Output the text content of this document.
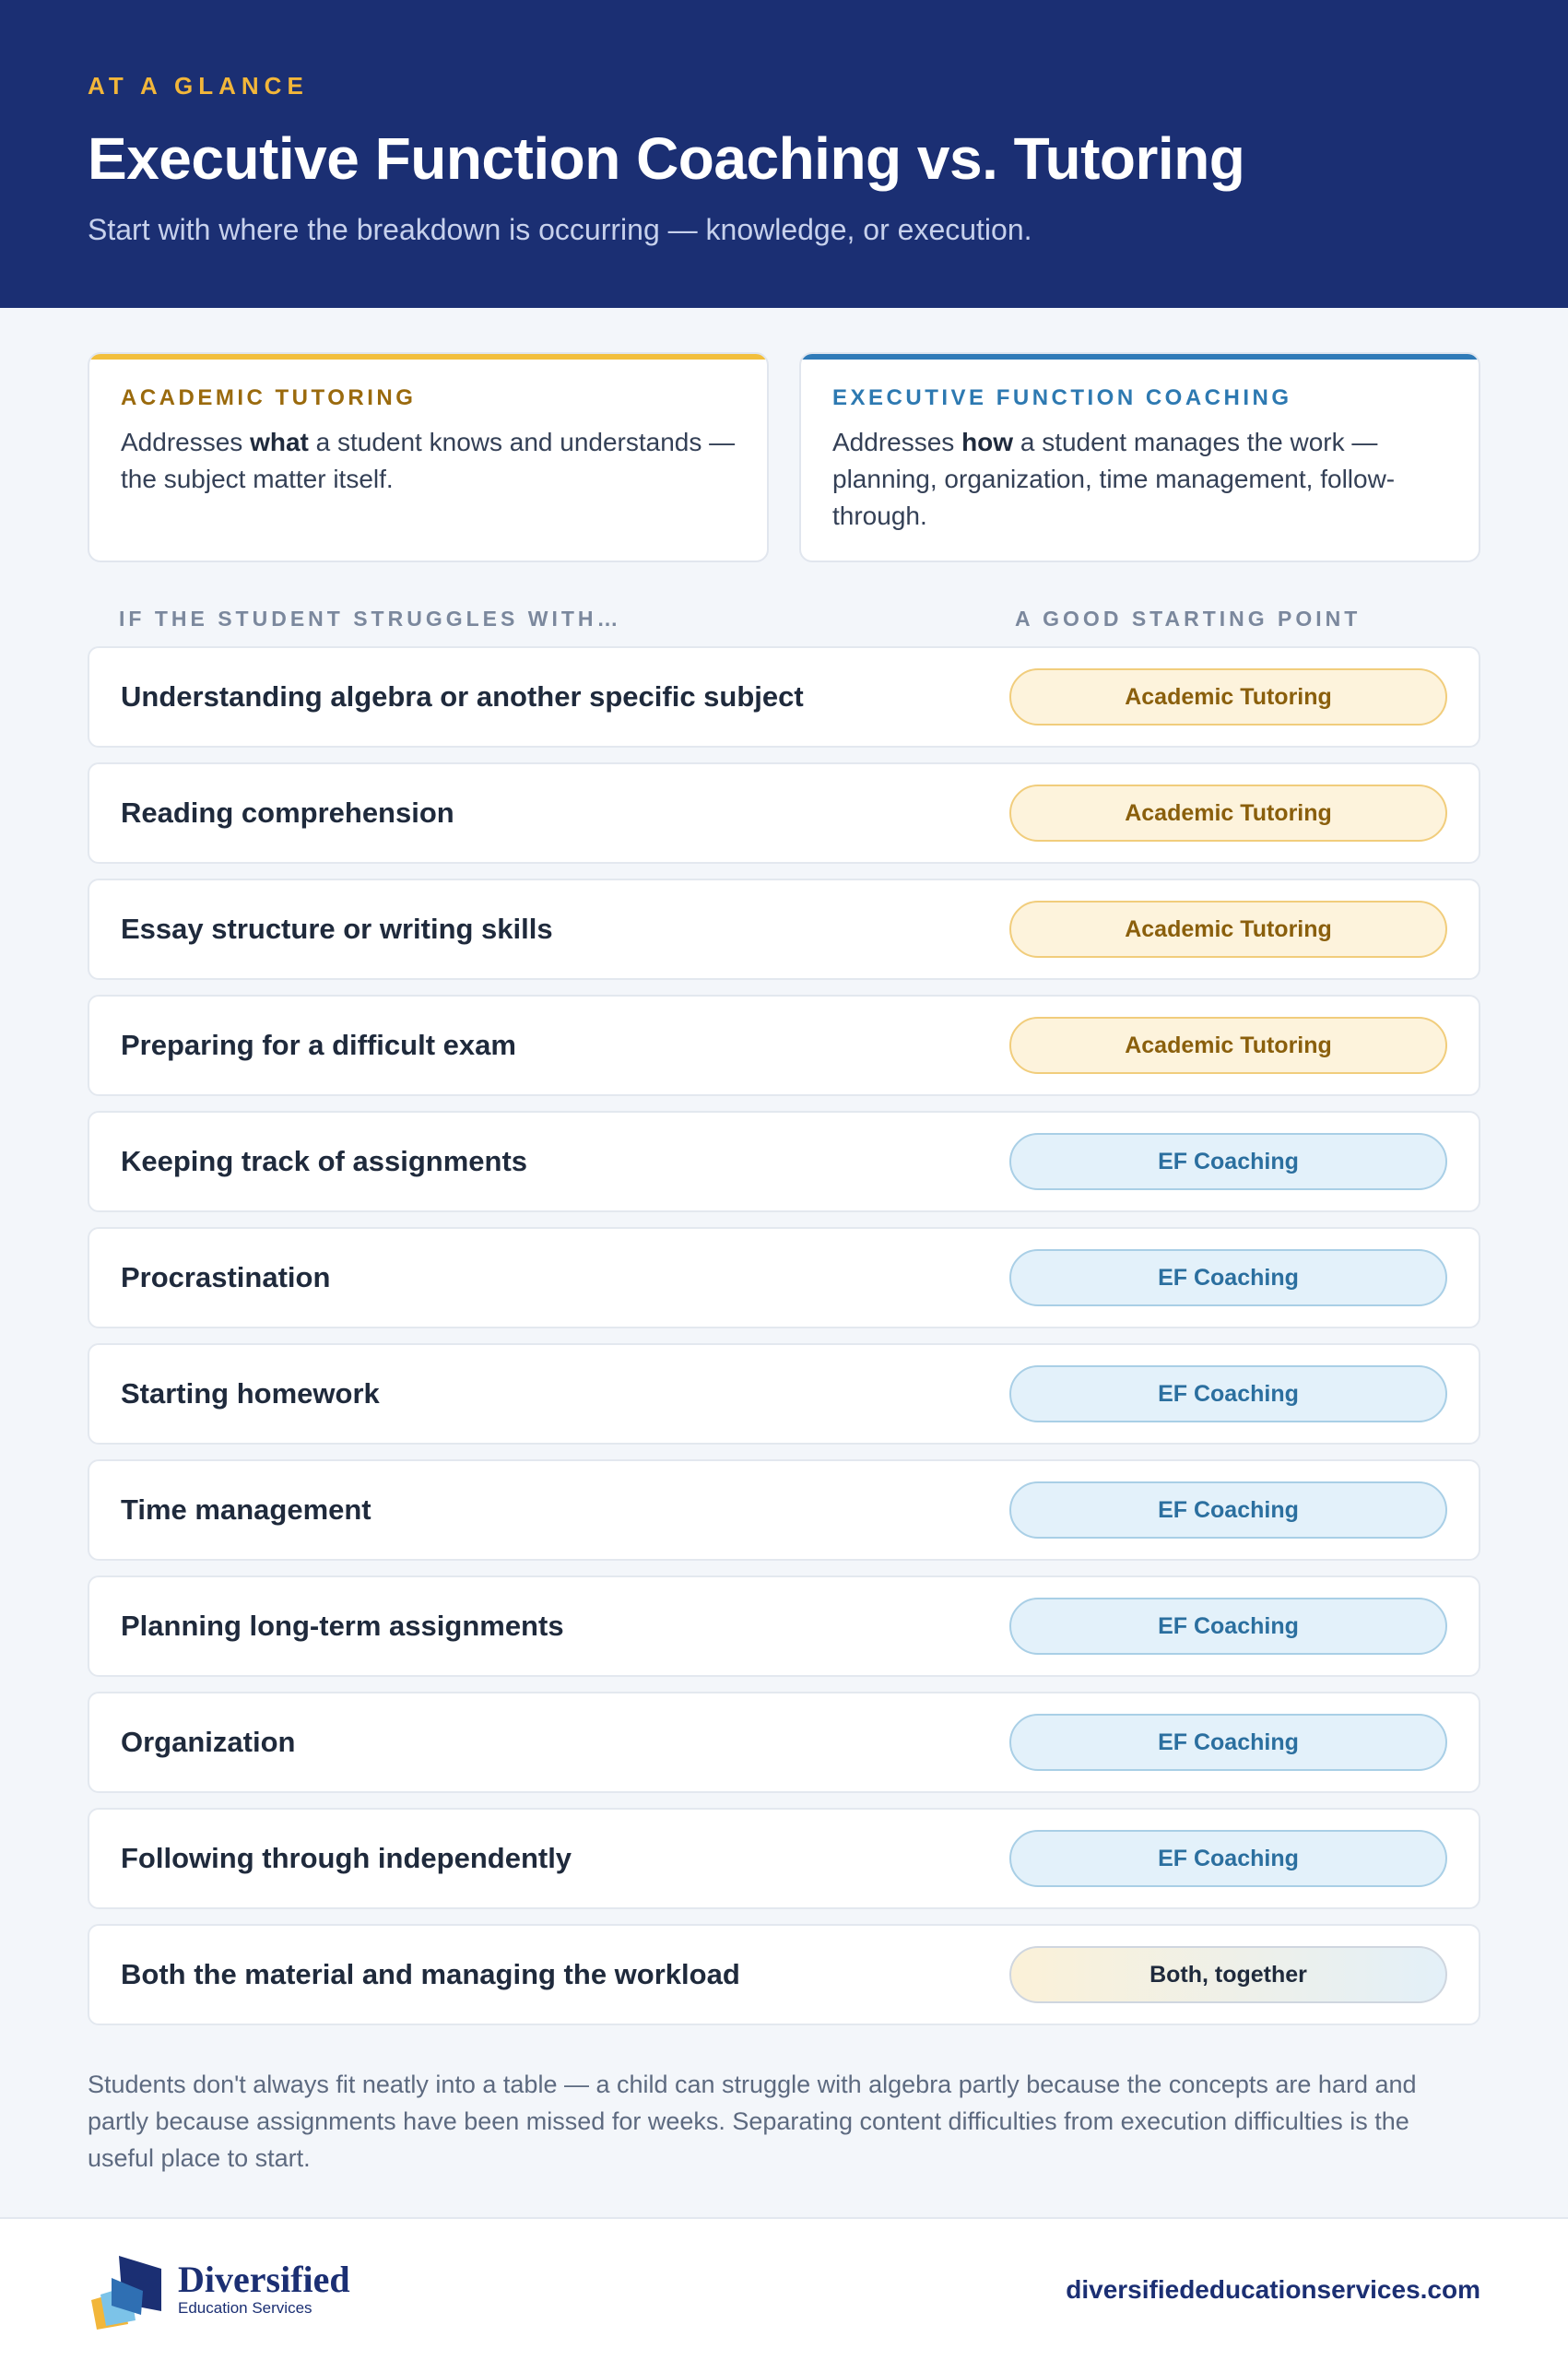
AT A GLANCE
Executive Function Coaching vs. Tutoring
Start with where the breakdown is occurring — knowledge, or execution.
ACADEMIC TUTORING
Addresses what a student knows and understands — the subject matter itself.
EXECUTIVE FUNCTION COACHING
Addresses how a student manages the work — planning, organization, time management, follow-through.
IF THE STUDENT STRUGGLES WITH…	A GOOD STARTING POINT
Understanding algebra or another specific subject	Academic Tutoring
Reading comprehension	Academic Tutoring
Essay structure or writing skills	Academic Tutoring
Preparing for a difficult exam	Academic Tutoring
Keeping track of assignments	EF Coaching
Procrastination	EF Coaching
Starting homework	EF Coaching
Time management	EF Coaching
Planning long-term assignments	EF Coaching
Organization	EF Coaching
Following through independently	EF Coaching
Both the material and managing the workload	Both, together
Students don't always fit neatly into a table — a child can struggle with algebra partly because the concepts are hard and partly because assignments have been missed for weeks. Separating content difficulties from execution difficulties is the useful place to start.
Diversified
Education Services
diversifiededucationservices.com
